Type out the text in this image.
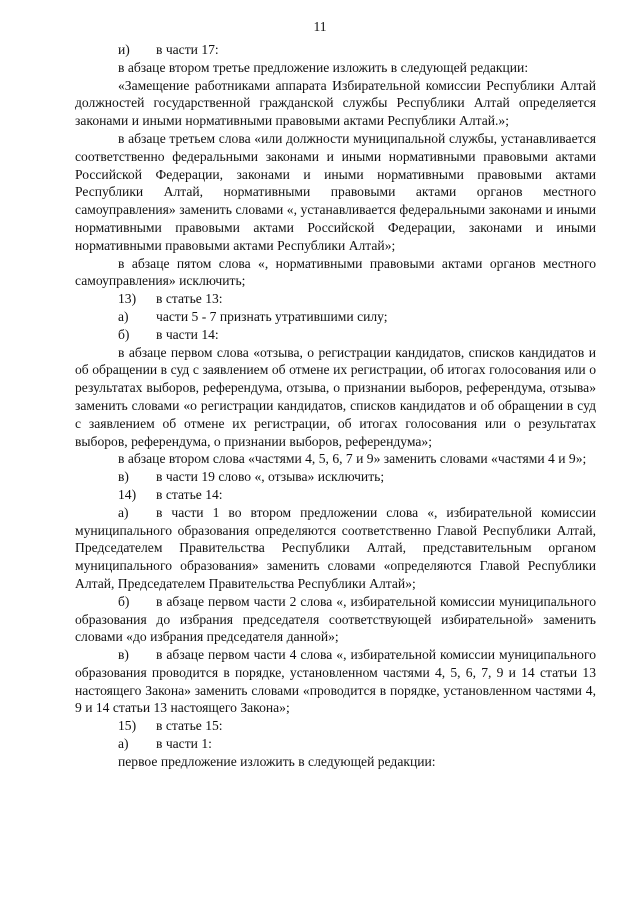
11

и) в части 17:

в абзаце втором третье предложение изложить в следующей редакции:

«Замещение работниками аппарата Избирательной комиссии Республики Алтай должностей государственной гражданской службы Республики Алтай определяется законами и иными нормативными правовыми актами Республики Алтай.»;

в абзаце третьем слова «или должности муниципальной службы, устанавливается соответственно федеральными законами и иными нормативными правовыми актами Российской Федерации, законами и иными нормативными правовыми актами Республики Алтай, нормативными правовыми актами органов местного самоуправления» заменить словами «, устанавливается федеральными законами и иными нормативными правовыми актами Российской Федерации, законами и иными нормативными правовыми актами Республики Алтай»;

в абзаце пятом слова «, нормативными правовыми актами органов местного самоуправления» исключить;

13) в статье 13:

а) части 5 - 7 признать утратившими силу;

б) в части 14:

в абзаце первом слова «отзыва, о регистрации кандидатов, списков кандидатов и об обращении в суд с заявлением об отмене их регистрации, об итогах голосования или о результатах выборов, референдума, отзыва, о признании выборов, референдума, отзыва» заменить словами «о регистрации кандидатов, списков кандидатов и об обращении в суд с заявлением об отмене их регистрации, об итогах голосования или о результатах выборов, референдума, о признании выборов, референдума»;

в абзаце втором слова «частями 4, 5, 6, 7 и 9» заменить словами «частями 4 и 9»;

в) в части 19 слово «, отзыва» исключить;

14) в статье 14:

а) в части 1 во втором предложении слова «, избирательной комиссии муниципального образования определяются соответственно Главой Республики Алтай, Председателем Правительства Республики Алтай, представительным органом муниципального образования» заменить словами «определяются Главой Республики Алтай, Председателем Правительства Республики Алтай»;

б) в абзаце первом части 2 слова «, избирательной комиссии муниципального образования до избрания председателя соответствующей избирательной» заменить словами «до избрания председателя данной»;

в) в абзаце первом части 4 слова «, избирательной комиссии муниципального образования проводится в порядке, установленном частями 4, 5, 6, 7, 9 и 14 статьи 13 настоящего Закона» заменить словами «проводится в порядке, установленном частями 4, 9 и 14 статьи 13 настоящего Закона»;

15) в статье 15:

а) в части 1:

первое предложение изложить в следующей редакции:
